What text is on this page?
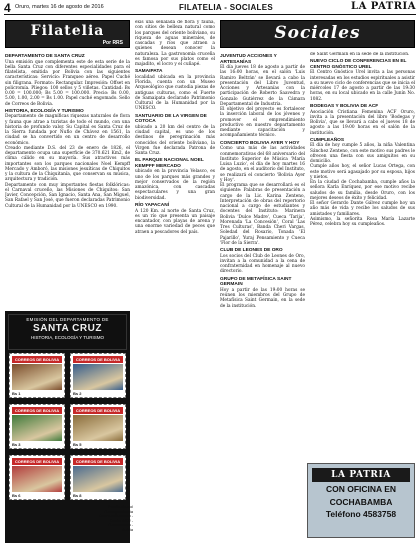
4 Oruro, martes 16 de agosto de 2016	FILATELIA - SOCIALES	LA PATRIA
Filatelia
Por RRS
DEPARTAMENTO DE SANTA CRUZ

Una emisión que complementa este de esta serie de la bella Santa Cruz con diferentes especialidades para el filatelista, emitida por Bolivia con las siguientes características: Servicio: Franqueo aéreo. Papel Cuché sin filigrana. Formato: Rectangular. Impresión: Offset en policromía. Pliegos: 100 sellos y 5 viñetas. Cantidad: Bs 0.00 = 100.000; Bs 5.00 = 100.000. Precio: Bs 0.00, 5.00, 1.00, 2.00 = Bs 1.00. Papel cuché engomado. Sello de Correos de Bolivia.

HISTORIA, ECOLOGÍA Y TURISMO

Departamento de magníficas riquezas naturales de flora y fauna que atrae a turistas de todo el mundo, con una historia de profundo valor. Su Capital es Santa Cruz de la Sierra fundada por Ñuflo de Chávez en 1561, la ciudad se ha convertido en un centro de desarrollo económico.

Creado mediante D.S. del 23 de enero de 1826, el departamento ocupa una superficie de 370.621 Km2, de clima cálido en su mayoría. Sus atractivos más importantes son los parques nacionales Noel Kempff Mercado y Amboró, las misiones jesuíticas de Chiquitos y la cultura de la Chiquitanía, que conservan su música, arquitectura y tradición.

Departamento con muy importantes fiestas folklóricas: el Carnaval cruceño, las Misiones de Chiquitos: San Javier, Concepción, San Ignacio, Santa Ana, San Miguel, San Rafael y San José, que fueron declaradas Patrimonio Cultural de la Humanidad por la UNESCO en 1990.

exis una señalada de flora y fauna, con sitios de belleza natural como los parques del oriente boliviano, su riqueza de aguas minerales, de cascadas y ríos que atraen a quienes desean conocer la naturaleza. La gastronomía cruceña es famosa por sus platos como el majadito, el locro y el cuñapé.

SAMAIPATA

localidad ubicada en la provincia Florida, cuenta con un Museo Arqueológico que custodia piezas de antiguas culturas, como el Fuerte de Samaipata declarado Patrimonio Cultural de la Humanidad por la UNESCO.

SANTUARIO DE LA VIRGEN DE COTOCA

ubicado a 20 km del centro de la ciudad capital, es uno de los destinos de peregrinación más conocidos del oriente boliviano, la Virgen fue declarada Patrona de Santa Cruz.

EL PARQUE NACIONAL NOEL KEMPFF MERCADO

ubicado en la provincia Velasco, es uno de los parques más grandes y mejor conservados de la región amazónica, con cascadas espectaculares y una gran biodiversidad.

RÍO YAPACANÍ

A 120 Km. al norte de Santa Cruz, es un río que presenta un paisaje encantador, con playas de arena y una enorme variedad de peces que atraen a pescadores del país.

EMISIÓN DEL DEPARTAMENTO DE
SANTA CRUZ
HISTORIA, ECOLOGÍA Y TURISMO
CORREOS DE BOLIVIA
Bs 1
CORREOS DE BOLIVIA
Bs 2
CORREOS DE BOLIVIA
Bs 3
CORREOS DE BOLIVIA
Bs 5
CORREOS DE BOLIVIA
Bs 6
CORREOS DE BOLIVIA
Bs 8
Familia Ecobol Correspondencia Gabriela Rossman - Casilla 4802 - Cochabamba - Bolivia
Sociales
JUVENTUD ACCIONES Y ARTESANÍAS

El día jueves 18 de agosto a partir de las 16:00 horas, en el salón 'Luis Ramiro Beltrán' se llevará a cabo la presentación del Libro Juventud, Acciones y Artesanías con la participación de Roberto Saavedra y Gonzalo Gutiérrez de la Cámara Departamental de Industria.

El objetivo del proyecto es fortalecer la inserción laboral de los jóvenes y promover el emprendimiento productivo en nuestro departamento mediante capacitación y acompañamiento técnico.

CONCIERTO BOLIVIA AYER Y HOY

Como una más de las actividades conmemorativas del 68 aniversario del Instituto Superior de Música 'María Luisa Luzio', el día de hoy martes 16 de agosto, en el auditorio del Instituto, se realizará el concierto 'Bolivia Ayer y Hoy'.

El programa que se desarrollará es el siguiente: Palabras de presentación a cargo de la Lic. Karina Zenteno, Interpretación de obras del repertorio nacional a cargo de estudiantes y docentes del Instituto: Marinera Bolivia 'Dulce Madre', Cueca 'Tarija', Morenada 'La Concesión', Coral 'Las Tres Culturas', Banda Cheri Vargas, Soledad del Rosario, Tonada 'El Pajarillo', Yuraj Pensamiento y Cueca 'Flor de la Sierra'.

CLUB DE LEONES DE ORO

Los socios del Club de Leones de Oro, invitan a la comunidad a la cena de confraternidad en homenaje al nuevo directorio.

GRUPO DE METAFÍSICA SAINT GERMAIN

Hoy a partir de las 19:00 horas se reúnen los miembros del Grupo de Metafísica Saint Germain, en la sede de la institución.

de Saint Germain en la sede de la institución.

NUEVO CICLO DE CONFERENCIAS EN EL CENTRO GNÓSTICO UREL

El Centro Gnóstico Urel invita a las personas interesadas en los estudios espirituales a asistir a su nuevo ciclo de conferencias que se inicia el miércoles 17 de agosto a partir de las 19:30 horas, en su local ubicado en la calle Junín No. 1082.

BODEGAS Y BOLIVIA DE ACF

Asociación Cristiana Femenina ACF Oruro, invita a la presentación del libro 'Bodegas y Bolivia', que se llevará a cabo el jueves 18 de agosto a las 19:00 horas en el salón de la institución.

CUMPLEAÑOS

El día de hoy cumple 5 años, la niña Valentina Sánchez Zenteno, con este motivo sus padres le ofrecen una fiesta con sus amiguitos en su domicilio.

Cumple años hoy, el señor Lucas Ortega, con este motivo será agasajado por su esposa, hijos y nietos.

En la ciudad de Cochabamba, cumple años la señora Karla Enríquez, por ese motivo recibe saludos de su familia, desde Oruro, con los mejores deseos de éxito y felicidad.

El señor Gerardo Dante Gálvez cumple hoy un año más de vida y recibe los saludos de sus amistades y familiares.

Asimismo, la señorita Rosa María Lazarte Pérez, celebra hoy su cumpleaños.

LA PATRIA
CON OFICINA EN
COCHABAMBA
Teléfono 4583758
